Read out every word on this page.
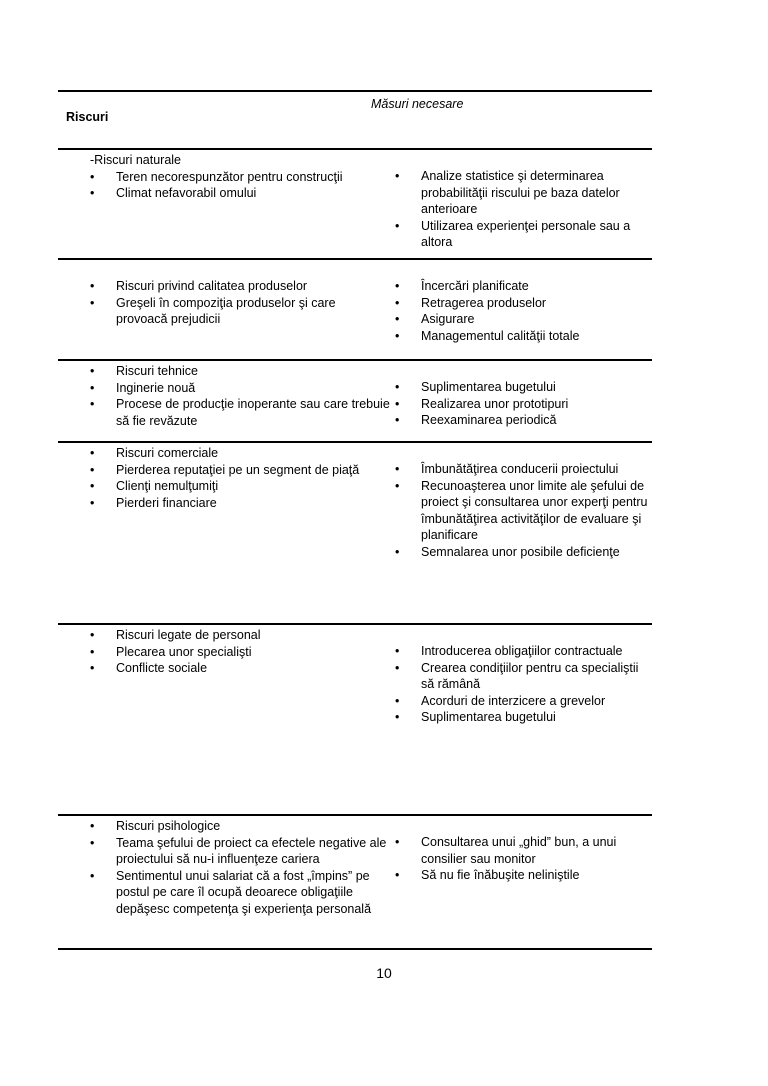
Riscuri
Măsuri necesare
-Riscuri naturale
• Teren necorespunzător pentru construcţii
• Climat nefavorabil omului
• Analize statistice şi determinarea probabilităţii riscului pe baza datelor anterioare
• Utilizarea experienţei personale sau a altora
• Riscuri privind calitatea produselor
• Greşeli în compoziţia produselor şi care provoacă prejudicii
• Încercări planificate
• Retragerea produselor
• Asigurare
• Managementul calităţii totale
• Riscuri tehnice
• Inginerie nouă
• Procese de producţie inoperante sau care trebuie să fie revăzute
• Suplimentarea bugetului
• Realizarea unor prototipuri
• Reexaminarea periodică
• Riscuri comerciale
• Pierderea reputaţiei pe un segment de piaţă
• Clienţi nemulţumiţi
• Pierderi financiare
• Îmbunătăţirea conducerii proiectului
• Recunoaşterea unor limite ale şefului de proiect şi consultarea unor experţi pentru îmbunătăţirea activităţilor de evaluare şi planificare
• Semnalarea unor posibile deficienţe
• Riscuri legate de personal
• Plecarea unor specialişti
• Conflicte sociale
• Introducerea obligaţiilor contractuale
• Crearea condiţiilor pentru ca specialiştii să rămână
• Acorduri de interzicere a grevelor
• Suplimentarea bugetului
• Riscuri psihologice
• Teama şefului de proiect ca efectele negative ale proiectului să nu-i influenţeze cariera
• Sentimentul unui salariat că a fost „împins” pe postul pe care îl ocupă deoarece obligaţiile depăşesc competenţa şi experienţa personală
• Consultarea unui „ghid” bun, a unui consilier sau monitor
• Să nu fie înăbuşite neliniştile
10
